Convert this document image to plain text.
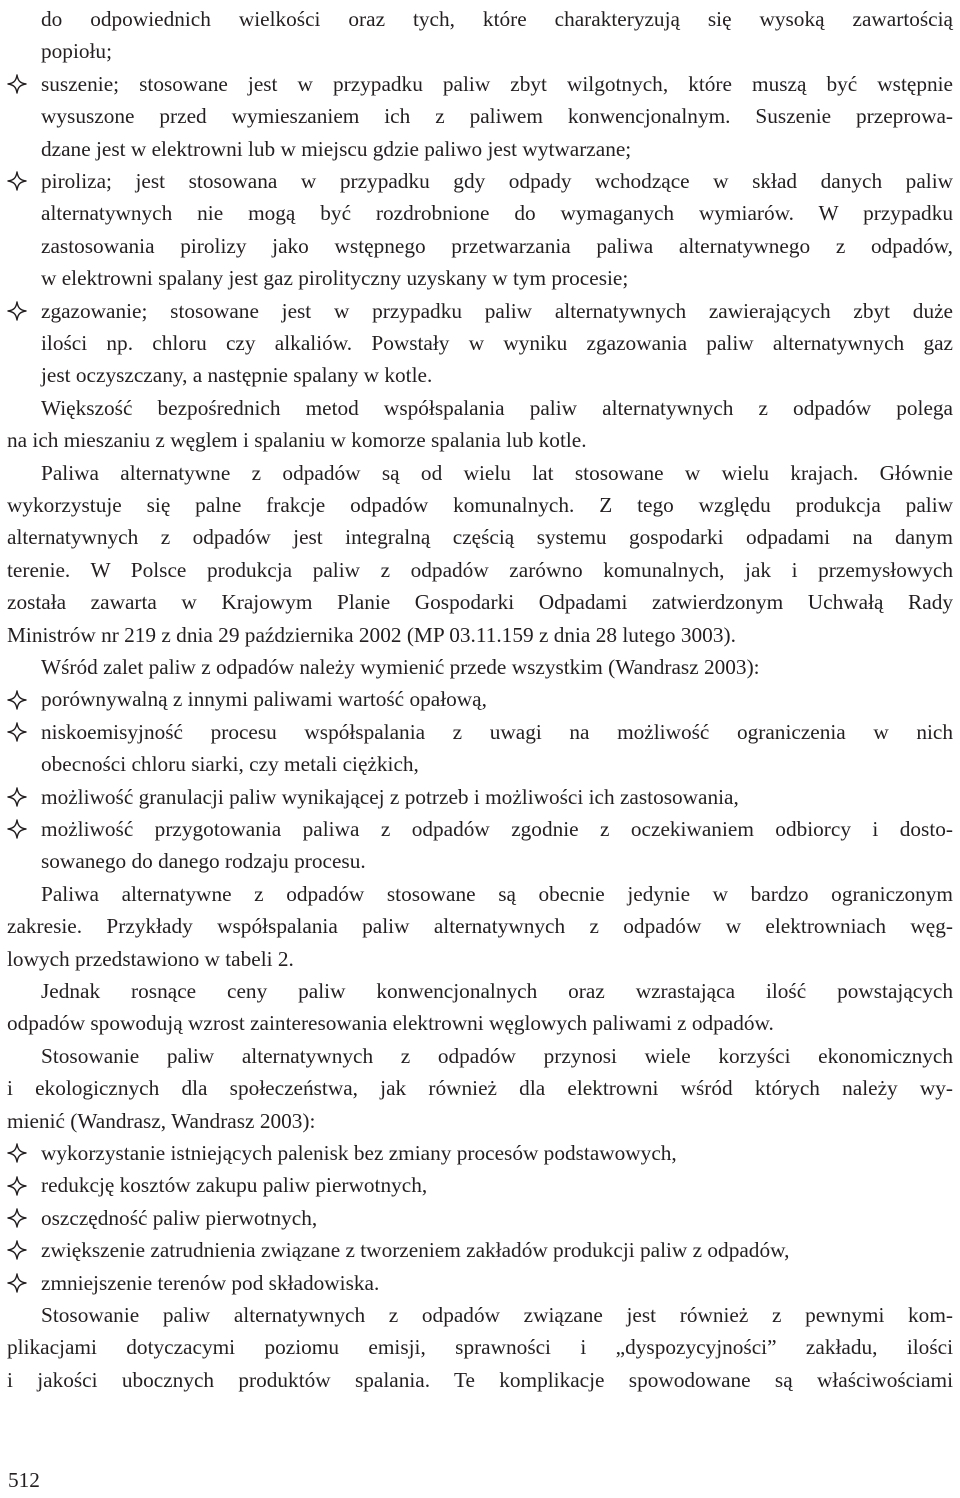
do odpowiednich wielkości oraz tych, które charakteryzują się wysoką zawartością
popiołu;
suszenie; stosowane jest w przypadku paliw zbyt wilgotnych, które muszą być wstępnie
wysuszone przed wymieszaniem ich z paliwem konwencjonalnym. Suszenie przeprowa-
dzane jest w elektrowni lub w miejscu gdzie paliwo jest wytwarzane;
piroliza; jest stosowana w przypadku gdy odpady wchodzące w skład danych paliw
alternatywnych nie mogą być rozdrobnione do wymaganych wymiarów. W przypadku
zastosowania pirolizy jako wstępnego przetwarzania paliwa alternatywnego z odpadów,
w elektrowni spalany jest gaz pirolityczny uzyskany w tym procesie;
zgazowanie; stosowane jest w przypadku paliw alternatywnych zawierających zbyt duże
ilości np. chloru czy alkaliów. Powstały w wyniku zgazowania paliw alternatywnych gaz
jest oczyszczany, a następnie spalany w kotle.
Większość bezpośrednich metod współspalania paliw alternatywnych z odpadów polega
na ich mieszaniu z węglem i spalaniu w komorze spalania lub kotle.
Paliwa alternatywne z odpadów są od wielu lat stosowane w wielu krajach. Głównie
wykorzystuje się palne frakcje odpadów komunalnych. Z tego względu produkcja paliw
alternatywnych z odpadów jest integralną częścią systemu gospodarki odpadami na danym
terenie. W Polsce produkcja paliw z odpadów zarówno komunalnych, jak i przemysłowych
została zawarta w Krajowym Planie Gospodarki Odpadami zatwierdzonym Uchwałą Rady
Ministrów nr 219 z dnia 29 października 2002 (MP 03.11.159 z dnia 28 lutego 3003).
Wśród zalet paliw z odpadów należy wymienić przede wszystkim (Wandrasz 2003):
porównywalną z innymi paliwami wartość opałową,
niskoemisyjność procesu współspalania z uwagi na możliwość ograniczenia w nich
obecności chloru siarki, czy metali ciężkich,
możliwość granulacji paliw wynikającej z potrzeb i możliwości ich zastosowania,
możliwość przygotowania paliwa z odpadów zgodnie z oczekiwaniem odbiorcy i dosto-
sowanego do danego rodzaju procesu.
Paliwa alternatywne z odpadów stosowane są obecnie jedynie w bardzo ograniczonym
zakresie. Przykłady współspalania paliw alternatywnych z odpadów w elektrowniach węg-
lowych przedstawiono w tabeli 2.
Jednak rosnące ceny paliw konwencjonalnych oraz wzrastająca ilość powstających
odpadów spowodują wzrost zainteresowania elektrowni węglowych paliwami z odpadów.
Stosowanie paliw alternatywnych z odpadów przynosi wiele korzyści ekonomicznych
i ekologicznych dla społeczeństwa, jak również dla elektrowni wśród których należy wy-
mienić (Wandrasz, Wandrasz 2003):
wykorzystanie istniejących palenisk bez zmiany procesów podstawowych,
redukcję kosztów zakupu paliw pierwotnych,
oszczędność paliw pierwotnych,
zwiększenie zatrudnienia związane z tworzeniem zakładów produkcji paliw z odpadów,
zmniejszenie terenów pod składowiska.
Stosowanie paliw alternatywnych z odpadów związane jest również z pewnymi kom-
plikacjami dotyczacymi poziomu emisji, sprawności i „dyspozycyjności” zakładu, ilości
i jakości ubocznych produktów spalania. Te komplikacje spowodowane są właściwościami
512
